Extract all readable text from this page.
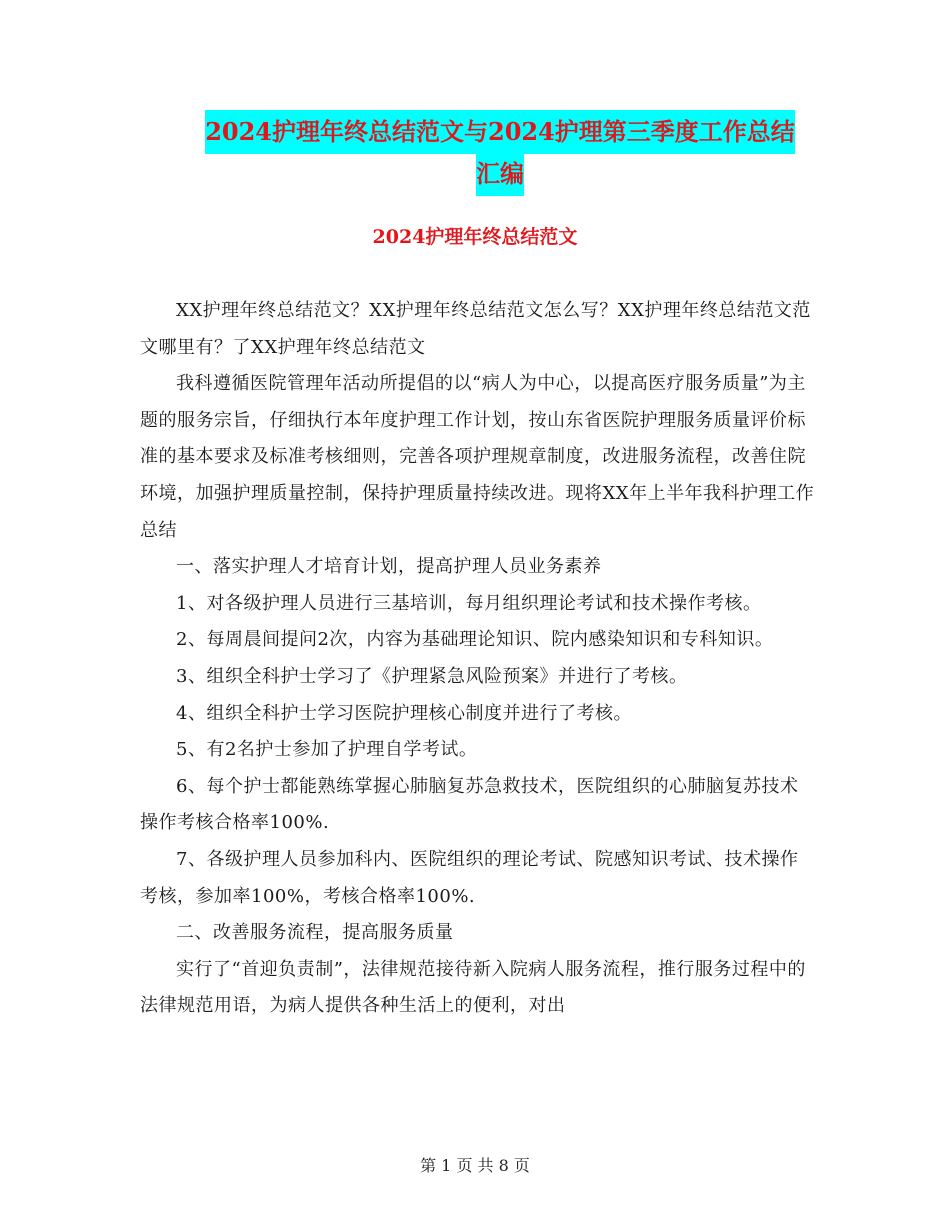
2024护理年终总结范文与2024护理第三季度工作总结
汇编
2024护理年终总结范文

XX护理年终总结范文？XX护理年终总结范文怎么写？XX护理年终总结范文范文哪里有？了XX护理年终总结范文

我科遵循医院管理年活动所提倡的以“病人为中心，以提高医疗服务质量”为主题的服务宗旨，仔细执行本年度护理工作计划，按山东省医院护理服务质量评价标准的基本要求及标准考核细则，完善各项护理规章制度，改进服务流程，改善住院环境，加强护理质量控制，保持护理质量持续改进。现将XX年上半年我科护理工作总结

一、落实护理人才培育计划，提高护理人员业务素养

1、对各级护理人员进行三基培训，每月组织理论考试和技术操作考核。

2、每周晨间提问2次，内容为基础理论知识、院内感染知识和专科知识。

3、组织全科护士学习了《护理紧急风险预案》并进行了考核。

4、组织全科护士学习医院护理核心制度并进行了考核。

5、有2名护士参加了护理自学考试。

6、每个护士都能熟练掌握心肺脑复苏急救技术，医院组织的心肺脑复苏技术操作考核合格率100%.

7、各级护理人员参加科内、医院组织的理论考试、院感知识考试、技术操作考核，参加率100%，考核合格率100%.

二、改善服务流程，提高服务质量

实行了“首迎负责制”，法律规范接待新入院病人服务流程，推行服务过程中的法律规范用语，为病人提供各种生活上的便利，对出

第 1 页 共 8 页
